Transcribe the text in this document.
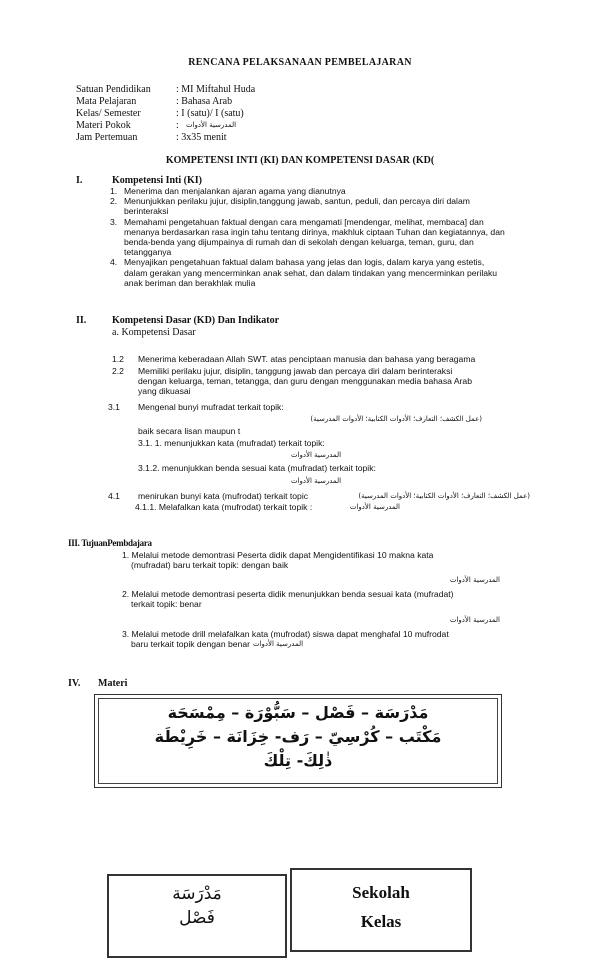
RENCANA PELAKSANAAN PEMBELAJARAN
Satuan Pendidikan	: MI Miftahul Huda
Mata Pelajaran	: Bahasa Arab
Kelas/ Semester	: I (satu)/ I (satu)
Materi Pokok	: المدرسية الأدوات
Jam Pertemuan	: 3x35 menit
KOMPETENSI INTI (KI) DAN KOMPETENSI DASAR (KD(
I.	Kompetensi Inti (KI)
1. Menerima dan menjalankan ajaran agama yang dianutnya
2. Menunjukkan perilaku jujur, disiplin,tanggung jawab, santun, peduli, dan percaya diri dalam
berinteraksi
3. Memahami pengetahuan faktual dengan cara mengamati [mendengar, melihat, membaca] dan
menanya berdasarkan rasa ingin tahu tentang dirinya, makhluk ciptaan Tuhan dan kegiatannya, dan
benda-benda yang dijumpainya di rumah dan di sekolah dengan keluarga, teman, guru, dan
tetangganya
4. Menyajikan pengetahuan faktual dalam bahasa yang jelas dan logis, dalam karya yang estetis,
dalam gerakan yang mencerminkan anak sehat, dan dalam tindakan yang mencerminkan perilaku
anak beriman dan berakhlak mulia
II.	Kompetensi Dasar (KD) Dan Indikator
a. Kompetensi Dasar
1.2 Menerima keberadaan Allah SWT. atas penciptaan manusia dan bahasa yang beragama
2.2 Memiliki perilaku jujur, disiplin, tanggung jawab dan percaya diri dalam berinteraksi
dengan keluarga, teman, tetangga, dan guru dengan menggunakan media bahasa Arab
yang dikuasai
3.1 Mengenal bunyi mufradat terkait topik:
(عمل الكشف؛ التعارف؛ الأدوات الكتابية؛ الأدوات المدرسية)
baik secara lisan maupun t
3.1. 1. menunjukkan kata (mufradat) terkait topik:
المدرسية الأدوات
3.1.2. menunjukkan benda sesuai kata (mufradat) terkait topik:
المدرسية الأدوات
4.1 menirukan bunyi kata (mufrodat) terkait topic	(عمل الكشف؛ التعارف؛ الأدوات الكتابية؛ الأدوات المدرسية)
4.1.1. Melafalkan kata (mufrodat) terkait topik :	المدرسية الأدوات
III. TujuanPembdajara
1. Melalui metode demontrasi Peserta didik dapat Mengidentifikasi 10 makna kata
(mufradat) baru terkait topik: dengan baik
المدرسية الأدوات
2. Melalui metode demontrasi peserta didik menunjukkan benda sesuai kata (mufradat)
terkait topik: benar
المدرسية الأدوات
3. Melalui metode drill melafalkan kata (mufrodat) siswa dapat menghafal 10 mufrodat
baru terkait topik dengan benar المدرسية الأدوات
IV. Materi
مَدْرَسَة – فَصْل – سَبُّوْرَة – مِمْسَحَة
مَكْتَب – كُرْسِيّ – رَف- خِزَانَة – خَرِيْطَة
ذٰلِكَ- تِلْكَ
مَدْرَسَة
فَصْل
Sekolah
Kelas
